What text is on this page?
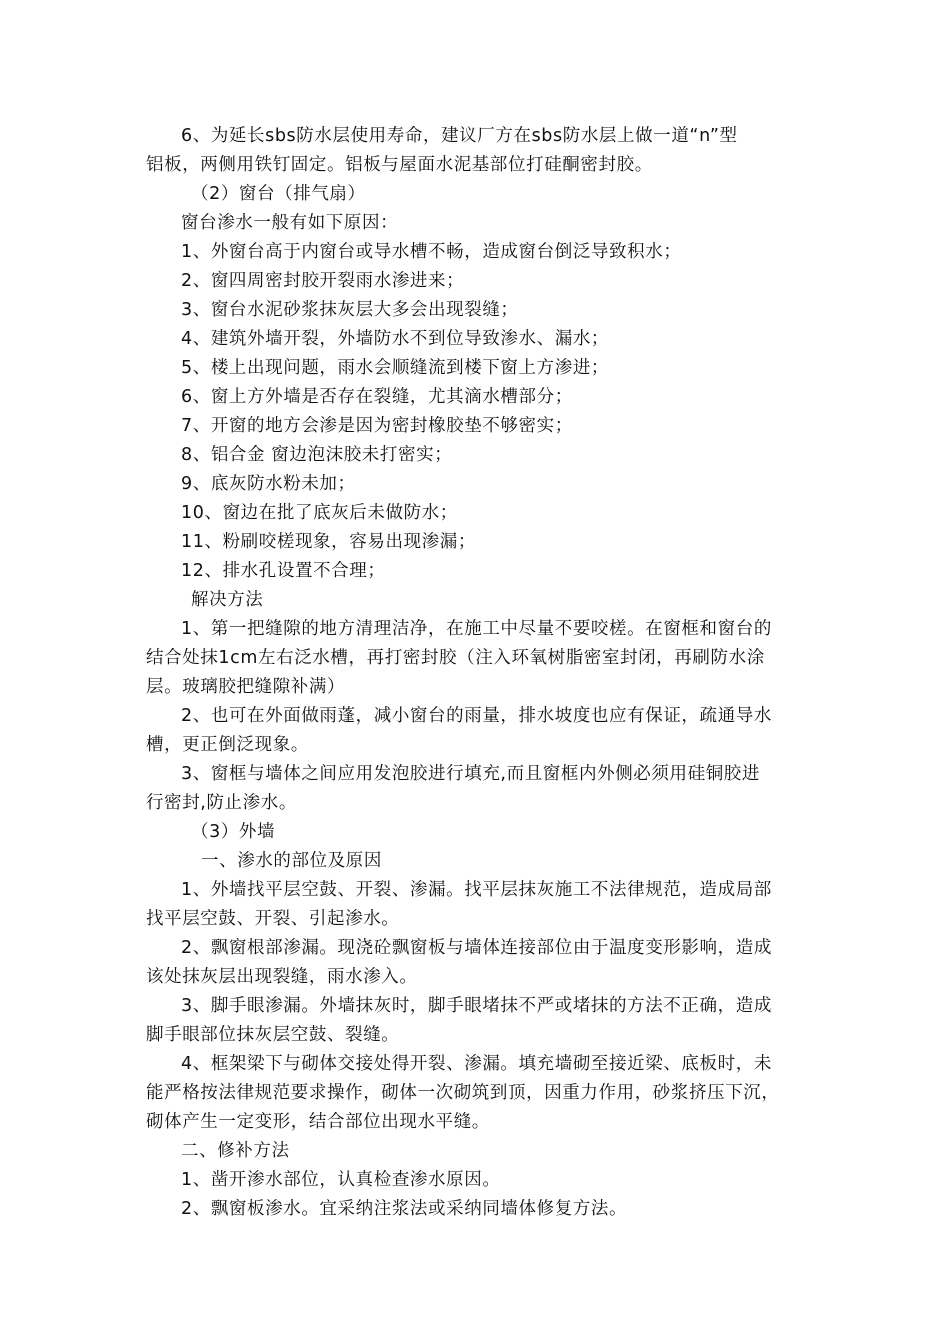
6、为延长sbs防水层使用寿命，建议厂方在sbs防水层上做一道“n”型
铝板，两侧用铁钉固定。铝板与屋面水泥基部位打硅酮密封胶。
（2）窗台（排气扇）
窗台渗水一般有如下原因：
1、外窗台高于内窗台或导水槽不畅，造成窗台倒泛导致积水；
2、窗四周密封胶开裂雨水渗进来；
3、窗台水泥砂浆抹灰层大多会出现裂缝；
4、建筑外墙开裂，外墙防水不到位导致渗水、漏水；
5、楼上出现问题，雨水会顺缝流到楼下窗上方渗进；
6、窗上方外墙是否存在裂缝，尤其滴水槽部分；
7、开窗的地方会渗是因为密封橡胶垫不够密实；
8、铝合金 窗边泡沫胶未打密实；
9、底灰防水粉未加；
10、窗边在批了底灰后未做防水；
11、粉刷咬槎现象，容易出现渗漏；
12、排水孔设置不合理；
解决方法
1、第一把缝隙的地方清理洁净，在施工中尽量不要咬槎。在窗框和窗台的
结合处抹1cm左右泛水槽，再打密封胶（注入环氧树脂密室封闭，再刷防水涂
层。玻璃胶把缝隙补满）
2、也可在外面做雨蓬，减小窗台的雨量，排水坡度也应有保证，疏通导水
槽，更正倒泛现象。
3、窗框与墙体之间应用发泡胶进行填充,而且窗框内外侧必须用硅铜胶进
行密封,防止渗水。
（3）外墙
一、渗水的部位及原因
1、外墙找平层空鼓、开裂、渗漏。找平层抹灰施工不法律规范，造成局部
找平层空鼓、开裂、引起渗水。
2、飘窗根部渗漏。现浇砼飘窗板与墙体连接部位由于温度变形影响，造成
该处抹灰层出现裂缝，雨水渗入。
3、脚手眼渗漏。外墙抹灰时，脚手眼堵抹不严或堵抹的方法不正确，造成
脚手眼部位抹灰层空鼓、裂缝。
4、框架梁下与砌体交接处得开裂、渗漏。填充墙砌至接近梁、底板时，未
能严格按法律规范要求操作，砌体一次砌筑到顶，因重力作用，砂浆挤压下沉，
砌体产生一定变形，结合部位出现水平缝。
二、修补方法
1、凿开渗水部位，认真检查渗水原因。
2、飘窗板渗水。宜采纳注浆法或采纳同墙体修复方法。
